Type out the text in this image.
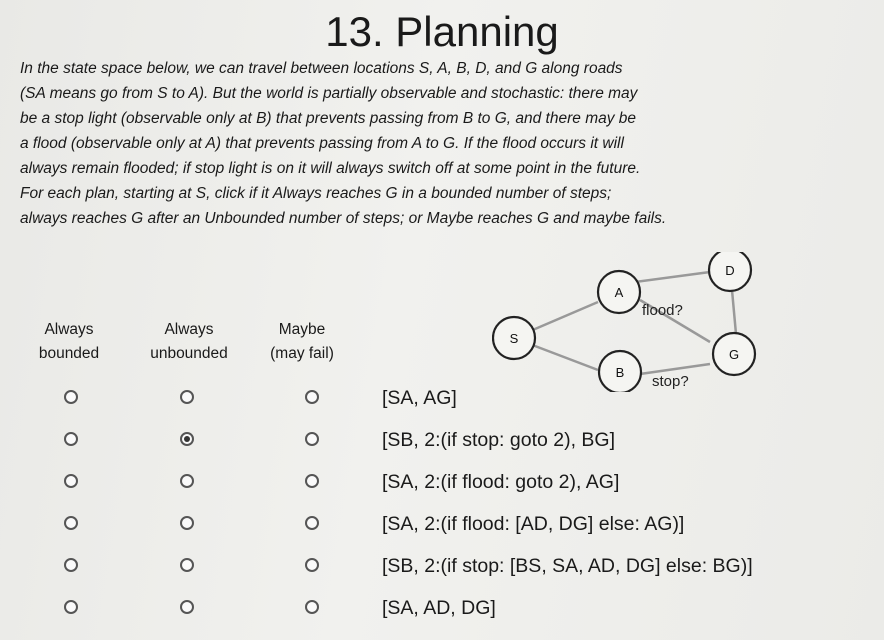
13. Planning
In the state space below, we can travel between locations S, A, B, D, and G along roads
(SA means go from S to A). But the world is partially observable and stochastic: there may
be a stop light (observable only at B) that prevents passing from B to G, and there may be
a flood (observable only at A) that prevents passing from A to G. If the flood occurs it will
always remain flooded; if stop light is on it will always switch off at some point in the future.
For each plan, starting at S, click if it Always reaches G in a bounded number of steps;
always reaches G after an Unbounded number of steps; or Maybe reaches G and maybe fails.
Always
bounded
Always
unbounded
Maybe
(may fail)
S
A
B
D
G
flood?
stop?
[SA, AG]
[SB, 2:(if stop: goto 2), BG]
[SA, 2:(if flood: goto 2), AG]
[SA, 2:(if flood: [AD, DG] else: AG)]
[SB, 2:(if stop: [BS, SA, AD, DG] else: BG)]
[SA, AD, DG]
